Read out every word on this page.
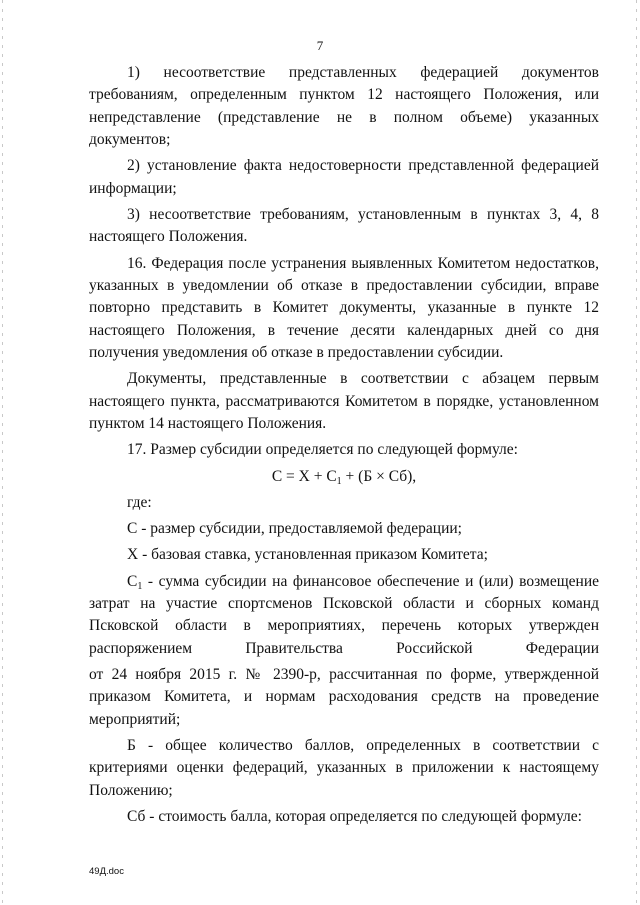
7

1) несоответствие представленных федерацией документов требованиям, определенным пунктом 12 настоящего Положения, или непредставление (представление не в полном объеме) указанных документов;

2) установление факта недостоверности представленной федерацией информации;

3) несоответствие требованиям, установленным в пунктах 3, 4, 8 настоящего Положения.

16. Федерация после устранения выявленных Комитетом недостатков, указанных в уведомлении об отказе в предоставлении субсидии, вправе повторно представить в Комитет документы, указанные в пункте 12 настоящего Положения, в течение десяти календарных дней со дня получения уведомления об отказе в предоставлении субсидии.

Документы, представленные в соответствии с абзацем первым настоящего пункта, рассматриваются Комитетом в порядке, установленном пунктом 14 настоящего Положения.

17. Размер субсидии определяется по следующей формуле:

$С = Х + С_1 + (Б \times Сб)$,

где:

С - размер субсидии, предоставляемой федерации;

Х - базовая ставка, установленная приказом Комитета;

$С_1$ - сумма субсидии на финансовое обеспечение и (или) возмещение затрат на участие спортсменов Псковской области и сборных команд Псковской области в мероприятиях, перечень которых утвержден распоряжением Правительства Российской Федерации

от 24 ноября 2015 г. № 2390-р, рассчитанная по форме, утвержденной приказом Комитета, и нормам расходования средств на проведение мероприятий;

Б - общее количество баллов, определенных в соответствии с критериями оценки федераций, указанных в приложении к настоящему Положению;

Сб - стоимость балла, которая определяется по следующей формуле:

49Д.doc
